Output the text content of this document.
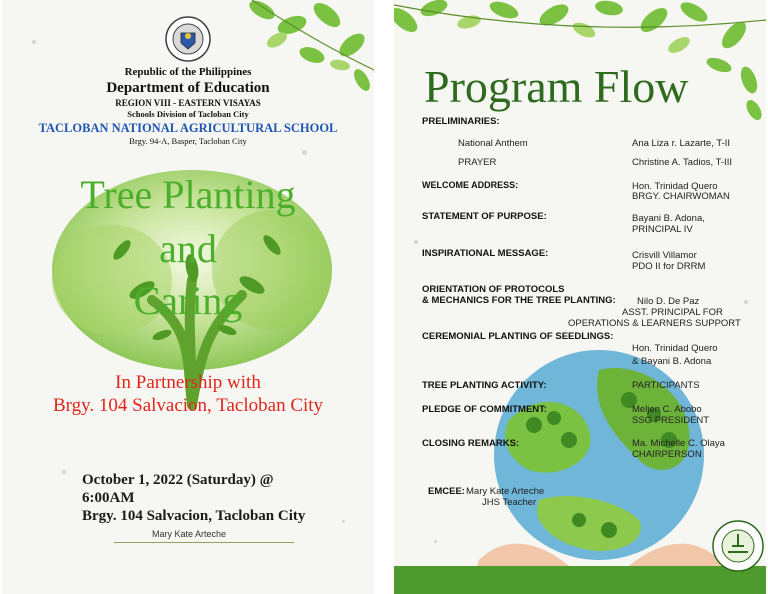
Republic of the Philippines
Department of Education
REGION VIII - EASTERN VISAYAS
Schools Division of Tacloban City
TACLOBAN NATIONAL AGRICULTURAL SCHOOL
Brgy. 94-A, Basper, Tacloban City
Tree Planting
and
Caring
In Partnership with
Brgy. 104 Salvacion, Tacloban City
October 1, 2022 (Saturday) @
6:00AM
Brgy. 104 Salvacion, Tacloban City
Mary Kate Arteche
Program Flow
PRELIMINARIES:
National Anthem	Ana Liza r. Lazarte, T-II
PRAYER	Christine A. Tadios, T-III
WELCOME ADDRESS:	Hon. Trinidad Quero
BRGY. CHAIRWOMAN
STATEMENT OF PURPOSE:	Bayani B. Adona,
PRINCIPAL IV
INSPIRATIONAL MESSAGE:	Crisvill Villamor
PDO II for DRRM
ORIENTATION OF PROTOCOLS
& MECHANICS FOR THE TREE PLANTING: Nilo D. De Paz
ASST. PRINCIPAL FOR
OPERATIONS & LEARNERS SUPPORT
CEREMONIAL PLANTING OF SEEDLINGS:
Hon. Trinidad Quero
& Bayani B. Adona
TREE PLANTING ACTIVITY:	PARTICIPANTS
PLEDGE OF COMMITMENT:	Meljen C. Abobo
SSG PRESIDENT
CLOSING REMARKS:	Ma. Michelle C. Olaya
CHAIRPERSON
EMCEE: Mary Kate Arteche
JHS Teacher
